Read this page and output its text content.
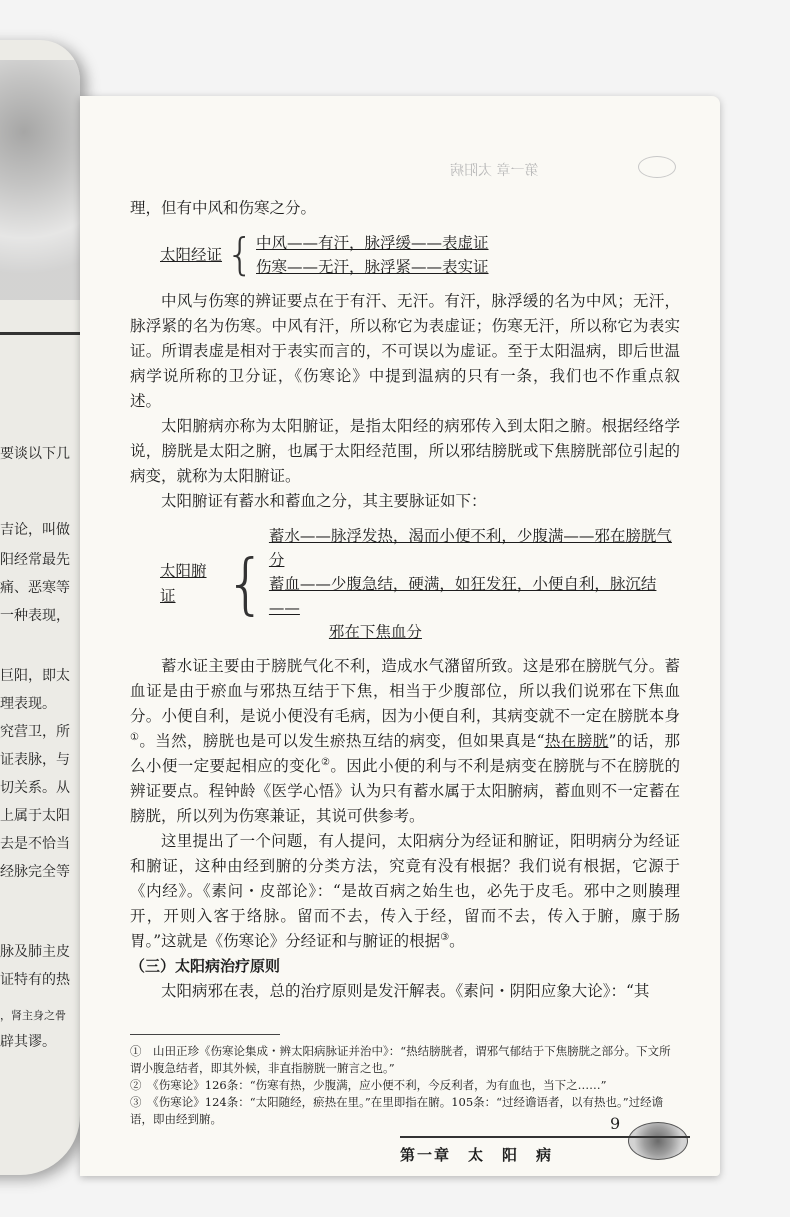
要谈以下几
吉论，叫做
阳经常最先
痛、恶寒等
一种表现，
巨阳，即太
理表现。
究营卫，所
证表脉，与
切关系。从
上属于太阳
去是不恰当
经脉完全等
脉及肺主皮
证特有的热
，肾主身之骨
辟其谬。
第一章 太阳病

理，但有中风和伤寒之分。

太阳经证 { 中风——有汗，脉浮缓——表虚证
伤寒——无汗，脉浮紧——表实证

中风与伤寒的辨证要点在于有汗、无汗。有汗，脉浮缓的名为中风；无汗，脉浮紧的名为伤寒。中风有汗，所以称它为表虚证；伤寒无汗，所以称它为表实证。所谓表虚是相对于表实而言的，不可误以为虚证。至于太阳温病，即后世温病学说所称的卫分证，《伤寒论》中提到温病的只有一条，我们也不作重点叙述。

太阳腑病亦称为太阳腑证，是指太阳经的病邪传入到太阳之腑。根据经络学说，膀胱是太阳之腑，也属于太阳经范围，所以邪结膀胱或下焦膀胱部位引起的病变，就称为太阳腑证。

太阳腑证有蓄水和蓄血之分，其主要脉证如下：

太阳腑证 {
蓄水——脉浮发热，渴而小便不利，少腹满——邪在膀胱气分
蓄血——少腹急结，硬满，如狂发狂，小便自利，脉沉结——
邪在下焦血分

蓄水证主要由于膀胱气化不利，造成水气潴留所致。这是邪在膀胱气分。蓄血证是由于瘀血与邪热互结于下焦，相当于少腹部位，所以我们说邪在下焦血分。小便自利，是说小便没有毛病，因为小便自利，其病变就不一定在膀胱本身①。当然，膀胱也是可以发生瘀热互结的病变，但如果真是“热在膀胱”的话，那么小便一定要起相应的变化②。因此小便的利与不利是病变在膀胱与不在膀胱的辨证要点。程钟龄《医学心悟》认为只有蓄水属于太阳腑病，蓄血则不一定蓄在膀胱，所以列为伤寒兼证，其说可供参考。

这里提出了一个问题，有人提问，太阳病分为经证和腑证，阳明病分为经证和腑证，这种由经到腑的分类方法，究竟有没有根据？我们说有根据，它源于《内经》。《素问・皮部论》：“是故百病之始生也，必先于皮毛。邪中之则腠理开，开则入客于络脉。留而不去，传入于经，留而不去，传入于腑，廪于肠胃。”这就是《伤寒论》分经证和与腑证的根据③。

（三）太阳病治疗原则

太阳病邪在表，总的治疗原则是发汗解表。《素问・阴阳应象大论》：“其

①　山田正珍《伤寒论集成・辨太阳病脉证并治中》：“热结膀胱者，谓邪气郁结于下焦膀胱之部分。下文所谓小腹急结者，即其外候，非直指膀胱一腑言之也。”
②　《伤寒论》126条：“伤寒有热，少腹满，应小便不利，今反利者，为有血也，当下之……”
③　《伤寒论》124条：“太阳随经，瘀热在里。”在里即指在腑。105条：“过经谵语者，以有热也。”过经谵语，即由经到腑。	9
第一章　太　阳　病
